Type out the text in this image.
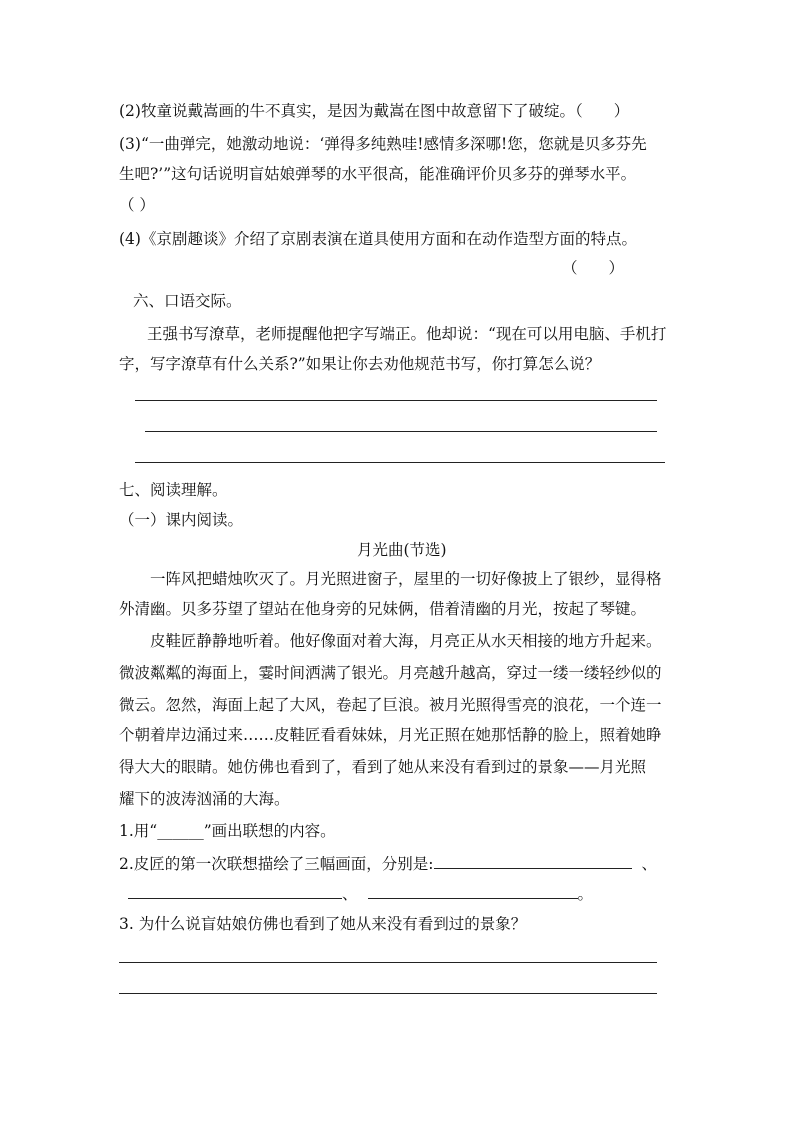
(2)牧童说戴嵩画的牛不真实，是因为戴嵩在图中故意留下了破绽。（　　）
(3)“一曲弹完，她激动地说：‘弹得多纯熟哇!感情多深哪!您，您就是贝多芬先
生吧?’”这句话说明盲姑娘弹琴的水平很高，能准确评价贝多芬的弹琴水平。
（ ）
(4)《京剧趣谈》介绍了京剧表演在道具使用方面和在动作造型方面的特点。
（　　）
六、口语交际。
王强书写潦草，老师提醒他把字写端正。他却说：“现在可以用电脑、手机打
字，写字潦草有什么关系?”如果让你去劝他规范书写，你打算怎么说？
七、阅读理解。
（一）课内阅读。
月光曲(节选)
一阵风把蜡烛吹灭了。月光照进窗子，屋里的一切好像披上了银纱，显得格
外清幽。贝多芬望了望站在他身旁的兄妹俩，借着清幽的月光，按起了琴键。
皮鞋匠静静地听着。他好像面对着大海，月亮正从水天相接的地方升起来。
微波粼粼的海面上，霎时间洒满了银光。月亮越升越高，穿过一缕一缕轻纱似的
微云。忽然，海面上起了大风，卷起了巨浪。被月光照得雪亮的浪花，一个连一
个朝着岸边涌过来……皮鞋匠看看妹妹，月光正照在她那恬静的脸上，照着她睁
得大大的眼睛。她仿佛也看到了，看到了她从来没有看到过的景象——月光照
耀下的波涛汹涌的大海。
1.用“______”画出联想的内容。
2.皮匠的第一次联想描绘了三幅画面，分别是:	、
、	。
3. 为什么说盲姑娘仿佛也看到了她从来没有看到过的景象？
